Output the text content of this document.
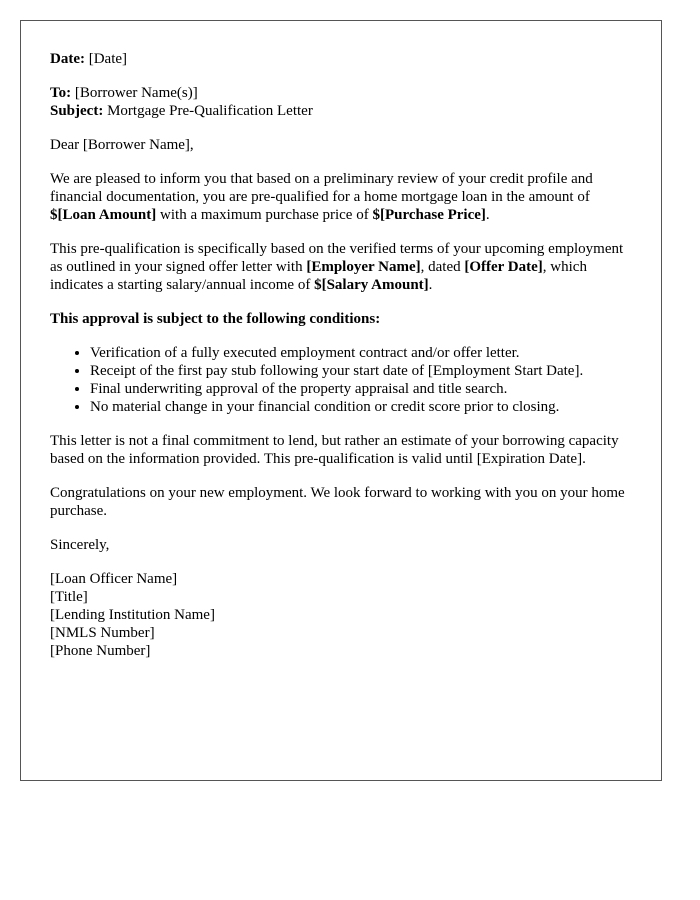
Date: [Date]

To: [Borrower Name(s)]

Subject: Mortgage Pre-Qualification Letter

Dear [Borrower Name],

We are pleased to inform you that based on a preliminary review of your credit profile and financial documentation, you are pre-qualified for a home mortgage loan in the amount of $[Loan Amount] with a maximum purchase price of $[Purchase Price].

This pre-qualification is specifically based on the verified terms of your upcoming employment as outlined in your signed offer letter with [Employer Name], dated [Offer Date], which indicates a starting salary/annual income of $[Salary Amount].

This approval is subject to the following conditions:

• Verification of a fully executed employment contract and/or offer letter.
• Receipt of the first pay stub following your start date of [Employment Start Date].
• Final underwriting approval of the property appraisal and title search.
• No material change in your financial condition or credit score prior to closing.

This letter is not a final commitment to lend, but rather an estimate of your borrowing capacity based on the information provided. This pre-qualification is valid until [Expiration Date].

Congratulations on your new employment. We look forward to working with you on your home purchase.

Sincerely,

[Loan Officer Name]
[Title]
[Lending Institution Name]
[NMLS Number]
[Phone Number]
